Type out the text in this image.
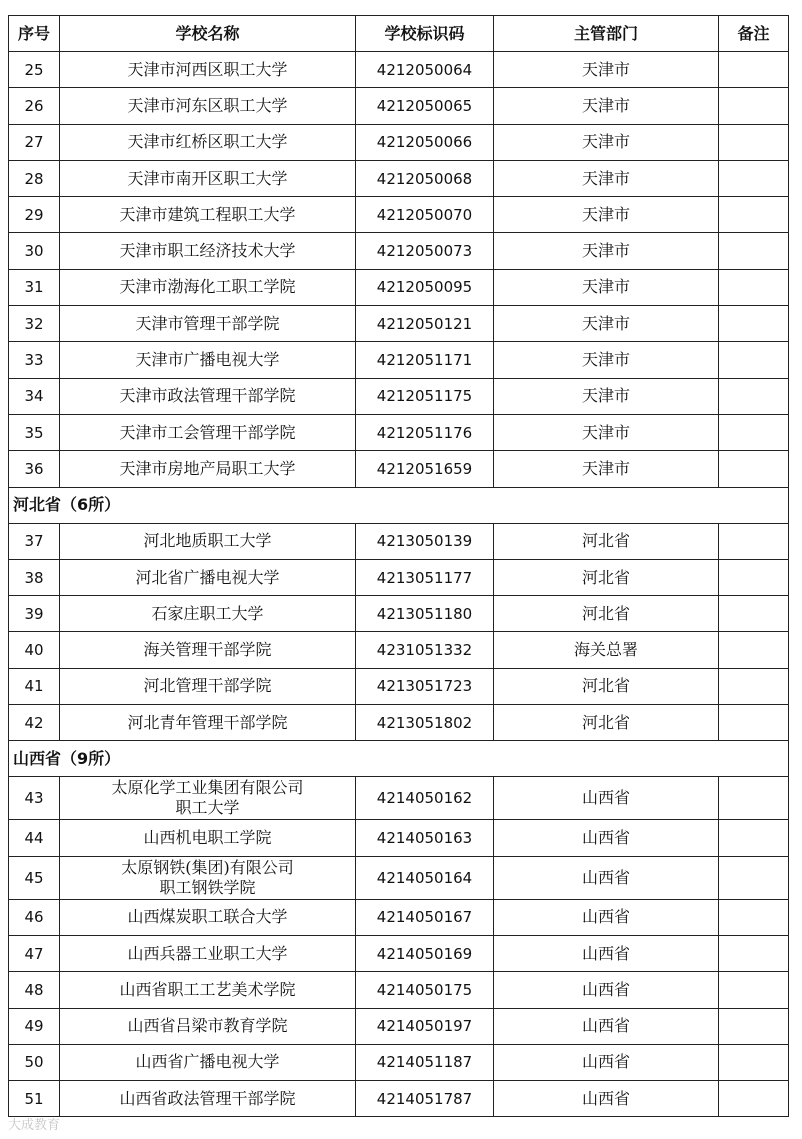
序号	学校名称	学校标识码	主管部门	备注
25	天津市河西区职工大学	4212050064	天津市	
26	天津市河东区职工大学	4212050065	天津市	
27	天津市红桥区职工大学	4212050066	天津市	
28	天津市南开区职工大学	4212050068	天津市	
29	天津市建筑工程职工大学	4212050070	天津市	
30	天津市职工经济技术大学	4212050073	天津市	
31	天津市渤海化工职工学院	4212050095	天津市	
32	天津市管理干部学院	4212050121	天津市	
33	天津市广播电视大学	4212051171	天津市	
34	天津市政法管理干部学院	4212051175	天津市	
35	天津市工会管理干部学院	4212051176	天津市	
36	天津市房地产局职工大学	4212051659	天津市	
河北省（6所）				
37	河北地质职工大学	4213050139	河北省	
38	河北省广播电视大学	4213051177	河北省	
39	石家庄职工大学	4213051180	河北省	
40	海关管理干部学院	4231051332	海关总署	
41	河北管理干部学院	4213051723	河北省	
42	河北青年管理干部学院	4213051802	河北省	
山西省（9所）				
43	太原化学工业集团有限公司
职工大学	4214050162	山西省	
44	山西机电职工学院	4214050163	山西省	
45	太原钢铁(集团)有限公司
职工钢铁学院	4214050164	山西省	
46	山西煤炭职工联合大学	4214050167	山西省	
47	山西兵器工业职工大学	4214050169	山西省	
48	山西省职工工艺美术学院	4214050175	山西省	
49	山西省吕梁市教育学院	4214050197	山西省	
50	山西省广播电视大学	4214051187	山西省	
51	山西省政法管理干部学院	4214051787	山西省	
大成教育
